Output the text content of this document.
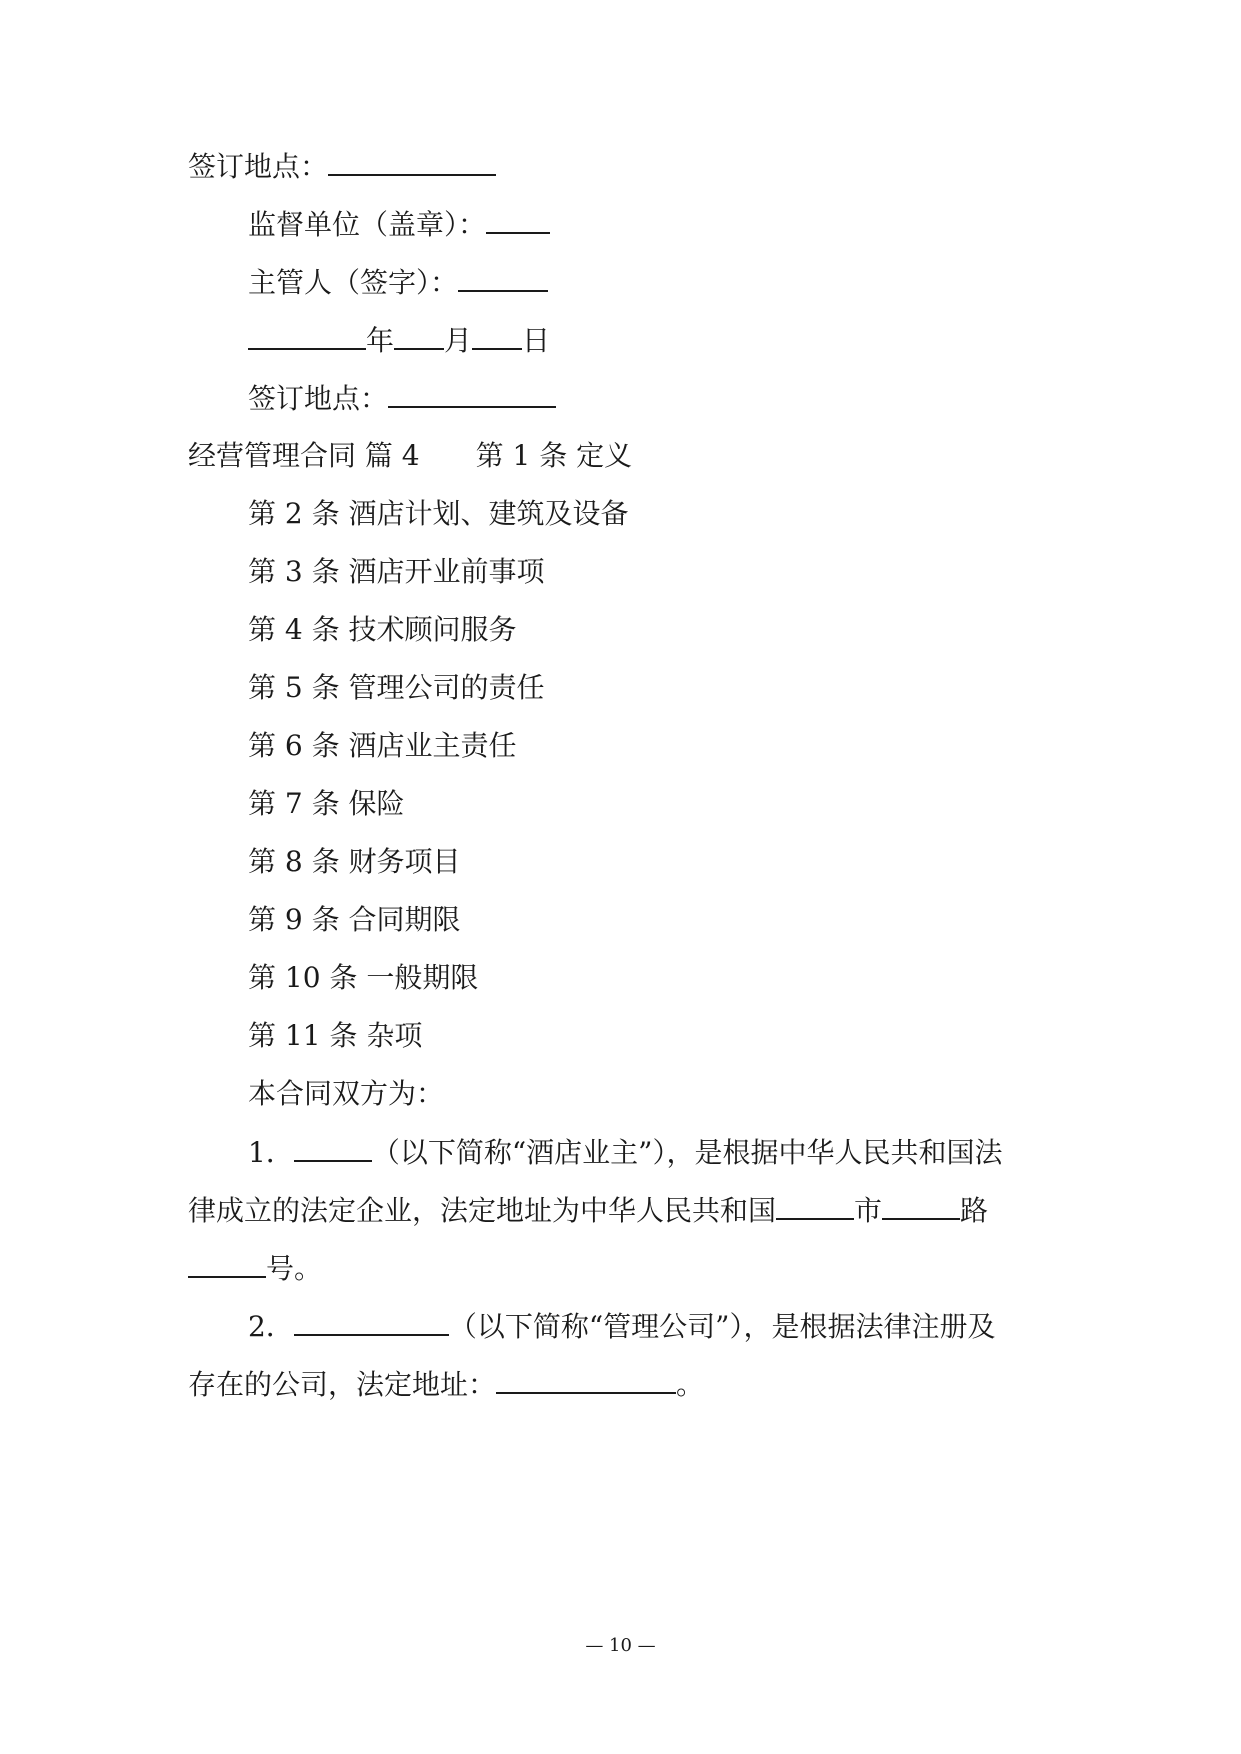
签订地点：
监督单位（盖章）：
主管人（签字）：
年 月 日
签订地点：
经营管理合同 篇 4 第 1 条 定义
第 2 条 酒店计划、建筑及设备
第 3 条 酒店开业前事项
第 4 条 技术顾问服务
第 5 条 管理公司的责任
第 6 条 酒店业主责任
第 7 条 保险
第 8 条 财务项目
第 9 条 合同期限
第 10 条 一般期限
第 11 条 杂项
本合同双方为：
1．	（以下简称“酒店业主”），是根据中华人民共和国法
律成立的法定企业，法定地址为中华人民共和国	市	路
号。
2．	（以下简称“管理公司”），是根据法律注册及
存在的公司，法定地址：	。
— 10 —
